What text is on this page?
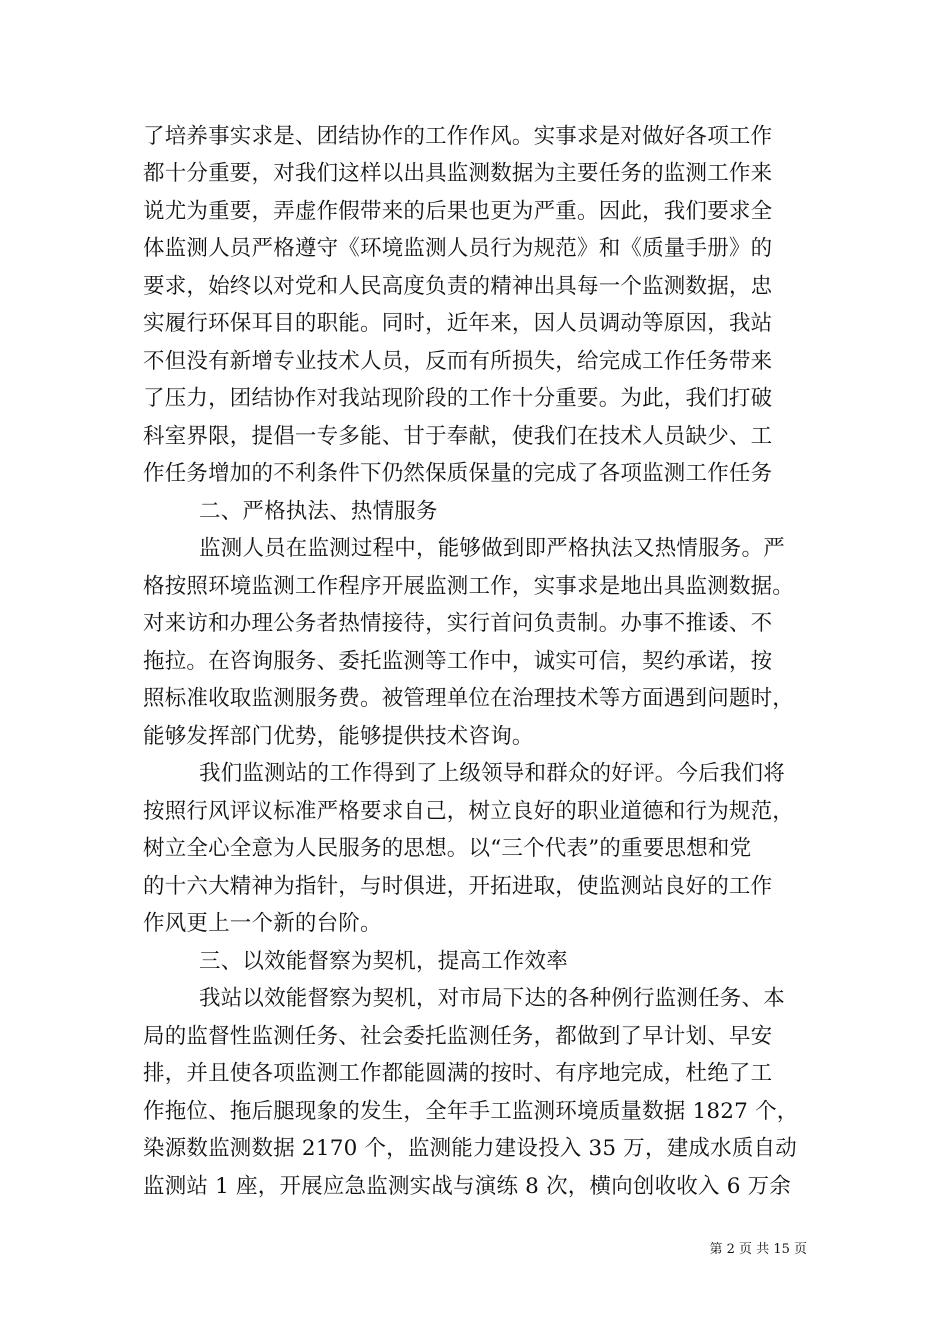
了培养事实求是、团结协作的工作作风。实事求是对做好各项工作
都十分重要，对我们这样以出具监测数据为主要任务的监测工作来
说尤为重要，弄虚作假带来的后果也更为严重。因此，我们要求全
体监测人员严格遵守《环境监测人员行为规范》和《质量手册》的
要求，始终以对党和人民高度负责的精神出具每一个监测数据，忠
实履行环保耳目的职能。同时，近年来，因人员调动等原因，我站
不但没有新增专业技术人员，反而有所损失，给完成工作任务带来
了压力，团结协作对我站现阶段的工作十分重要。为此，我们打破
科室界限，提倡一专多能、甘于奉献，使我们在技术人员缺少、工
作任务增加的不利条件下仍然保质保量的完成了各项监测工作任务
二、严格执法、热情服务
监测人员在监测过程中，能够做到即严格执法又热情服务。严
格按照环境监测工作程序开展监测工作，实事求是地出具监测数据。
对来访和办理公务者热情接待，实行首问负责制。办事不推诿、不
拖拉。在咨询服务、委托监测等工作中，诚实可信，契约承诺，按
照标准收取监测服务费。被管理单位在治理技术等方面遇到问题时，
能够发挥部门优势，能够提供技术咨询。
我们监测站的工作得到了上级领导和群众的好评。今后我们将
按照行风评议标准严格要求自己，树立良好的职业道德和行为规范，
树立全心全意为人民服务的思想。以“三个代表”的重要思想和党
的十六大精神为指针，与时俱进，开拓进取，使监测站良好的工作
作风更上一个新的台阶。
三、以效能督察为契机，提高工作效率
我站以效能督察为契机，对市局下达的各种例行监测任务、本
局的监督性监测任务、社会委托监测任务，都做到了早计划、早安
排，并且使各项监测工作都能圆满的按时、有序地完成，杜绝了工
作拖位、拖后腿现象的发生，全年手工监测环境质量数据 1827 个，
染源数监测数据 2170 个，监测能力建设投入 35 万，建成水质自动
监测站 1 座，开展应急监测实战与演练 8 次，横向创收收入 6 万余
第 2 页 共 15 页
